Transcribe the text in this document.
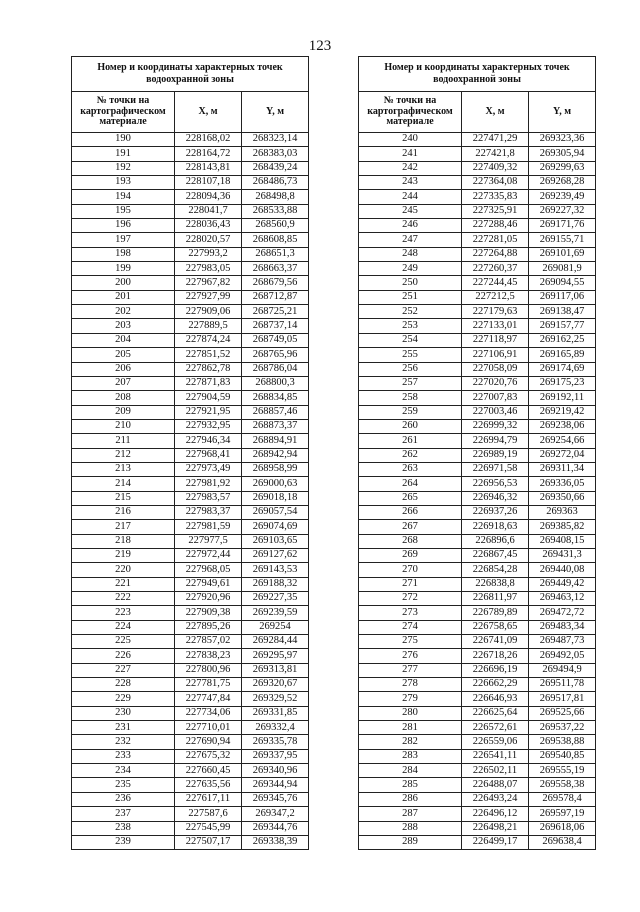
123
Номер и координаты характерных точек водоохранной зоны		
№ точки на картографическом материале	X, м	Y, м
190	228168,02	268323,14
191	228164,72	268383,03
192	228143,81	268439,24
193	228107,18	268486,73
194	228094,36	268498,8
195	228041,7	268533,88
196	228036,43	268560,9
197	228020,57	268608,85
198	227993,2	268651,3
199	227983,05	268663,37
200	227967,82	268679,56
201	227927,99	268712,87
202	227909,06	268725,21
203	227889,5	268737,14
204	227874,24	268749,05
205	227851,52	268765,96
206	227862,78	268786,04
207	227871,83	268800,3
208	227904,59	268834,85
209	227921,95	268857,46
210	227932,95	268873,37
211	227946,34	268894,91
212	227968,41	268942,94
213	227973,49	268958,99
214	227981,92	269000,63
215	227983,57	269018,18
216	227983,37	269057,54
217	227981,59	269074,69
218	227977,5	269103,65
219	227972,44	269127,62
220	227968,05	269143,53
221	227949,61	269188,32
222	227920,96	269227,35
223	227909,38	269239,59
224	227895,26	269254
225	227857,02	269284,44
226	227838,23	269295,97
227	227800,96	269313,81
228	227781,75	269320,67
229	227747,84	269329,52
230	227734,06	269331,85
231	227710,01	269332,4
232	227690,94	269335,78
233	227675,32	269337,95
234	227660,45	269340,96
235	227635,56	269344,94
236	227617,11	269345,76
237	227587,6	269347,2
238	227545,99	269344,76
239	227507,17	269338,39
Номер и координаты характерных точек водоохранной зоны		
№ точки на картографическом материале	X, м	Y, м
240	227471,29	269323,36
241	227421,8	269305,94
242	227409,32	269299,63
243	227364,08	269268,28
244	227335,83	269239,49
245	227325,91	269227,32
246	227288,46	269171,76
247	227281,05	269155,71
248	227264,88	269101,69
249	227260,37	269081,9
250	227244,45	269094,55
251	227212,5	269117,06
252	227179,63	269138,47
253	227133,01	269157,77
254	227118,97	269162,25
255	227106,91	269165,89
256	227058,09	269174,69
257	227020,76	269175,23
258	227007,83	269192,11
259	227003,46	269219,42
260	226999,32	269238,06
261	226994,79	269254,66
262	226989,19	269272,04
263	226971,58	269311,34
264	226956,53	269336,05
265	226946,32	269350,66
266	226937,26	269363
267	226918,63	269385,82
268	226896,6	269408,15
269	226867,45	269431,3
270	226854,28	269440,08
271	226838,8	269449,42
272	226811,97	269463,12
273	226789,89	269472,72
274	226758,65	269483,34
275	226741,09	269487,73
276	226718,26	269492,05
277	226696,19	269494,9
278	226662,29	269511,78
279	226646,93	269517,81
280	226625,64	269525,66
281	226572,61	269537,22
282	226559,06	269538,88
283	226541,11	269540,85
284	226502,11	269555,19
285	226488,07	269558,38
286	226493,24	269578,4
287	226496,12	269597,19
288	226498,21	269618,06
289	226499,17	269638,4
